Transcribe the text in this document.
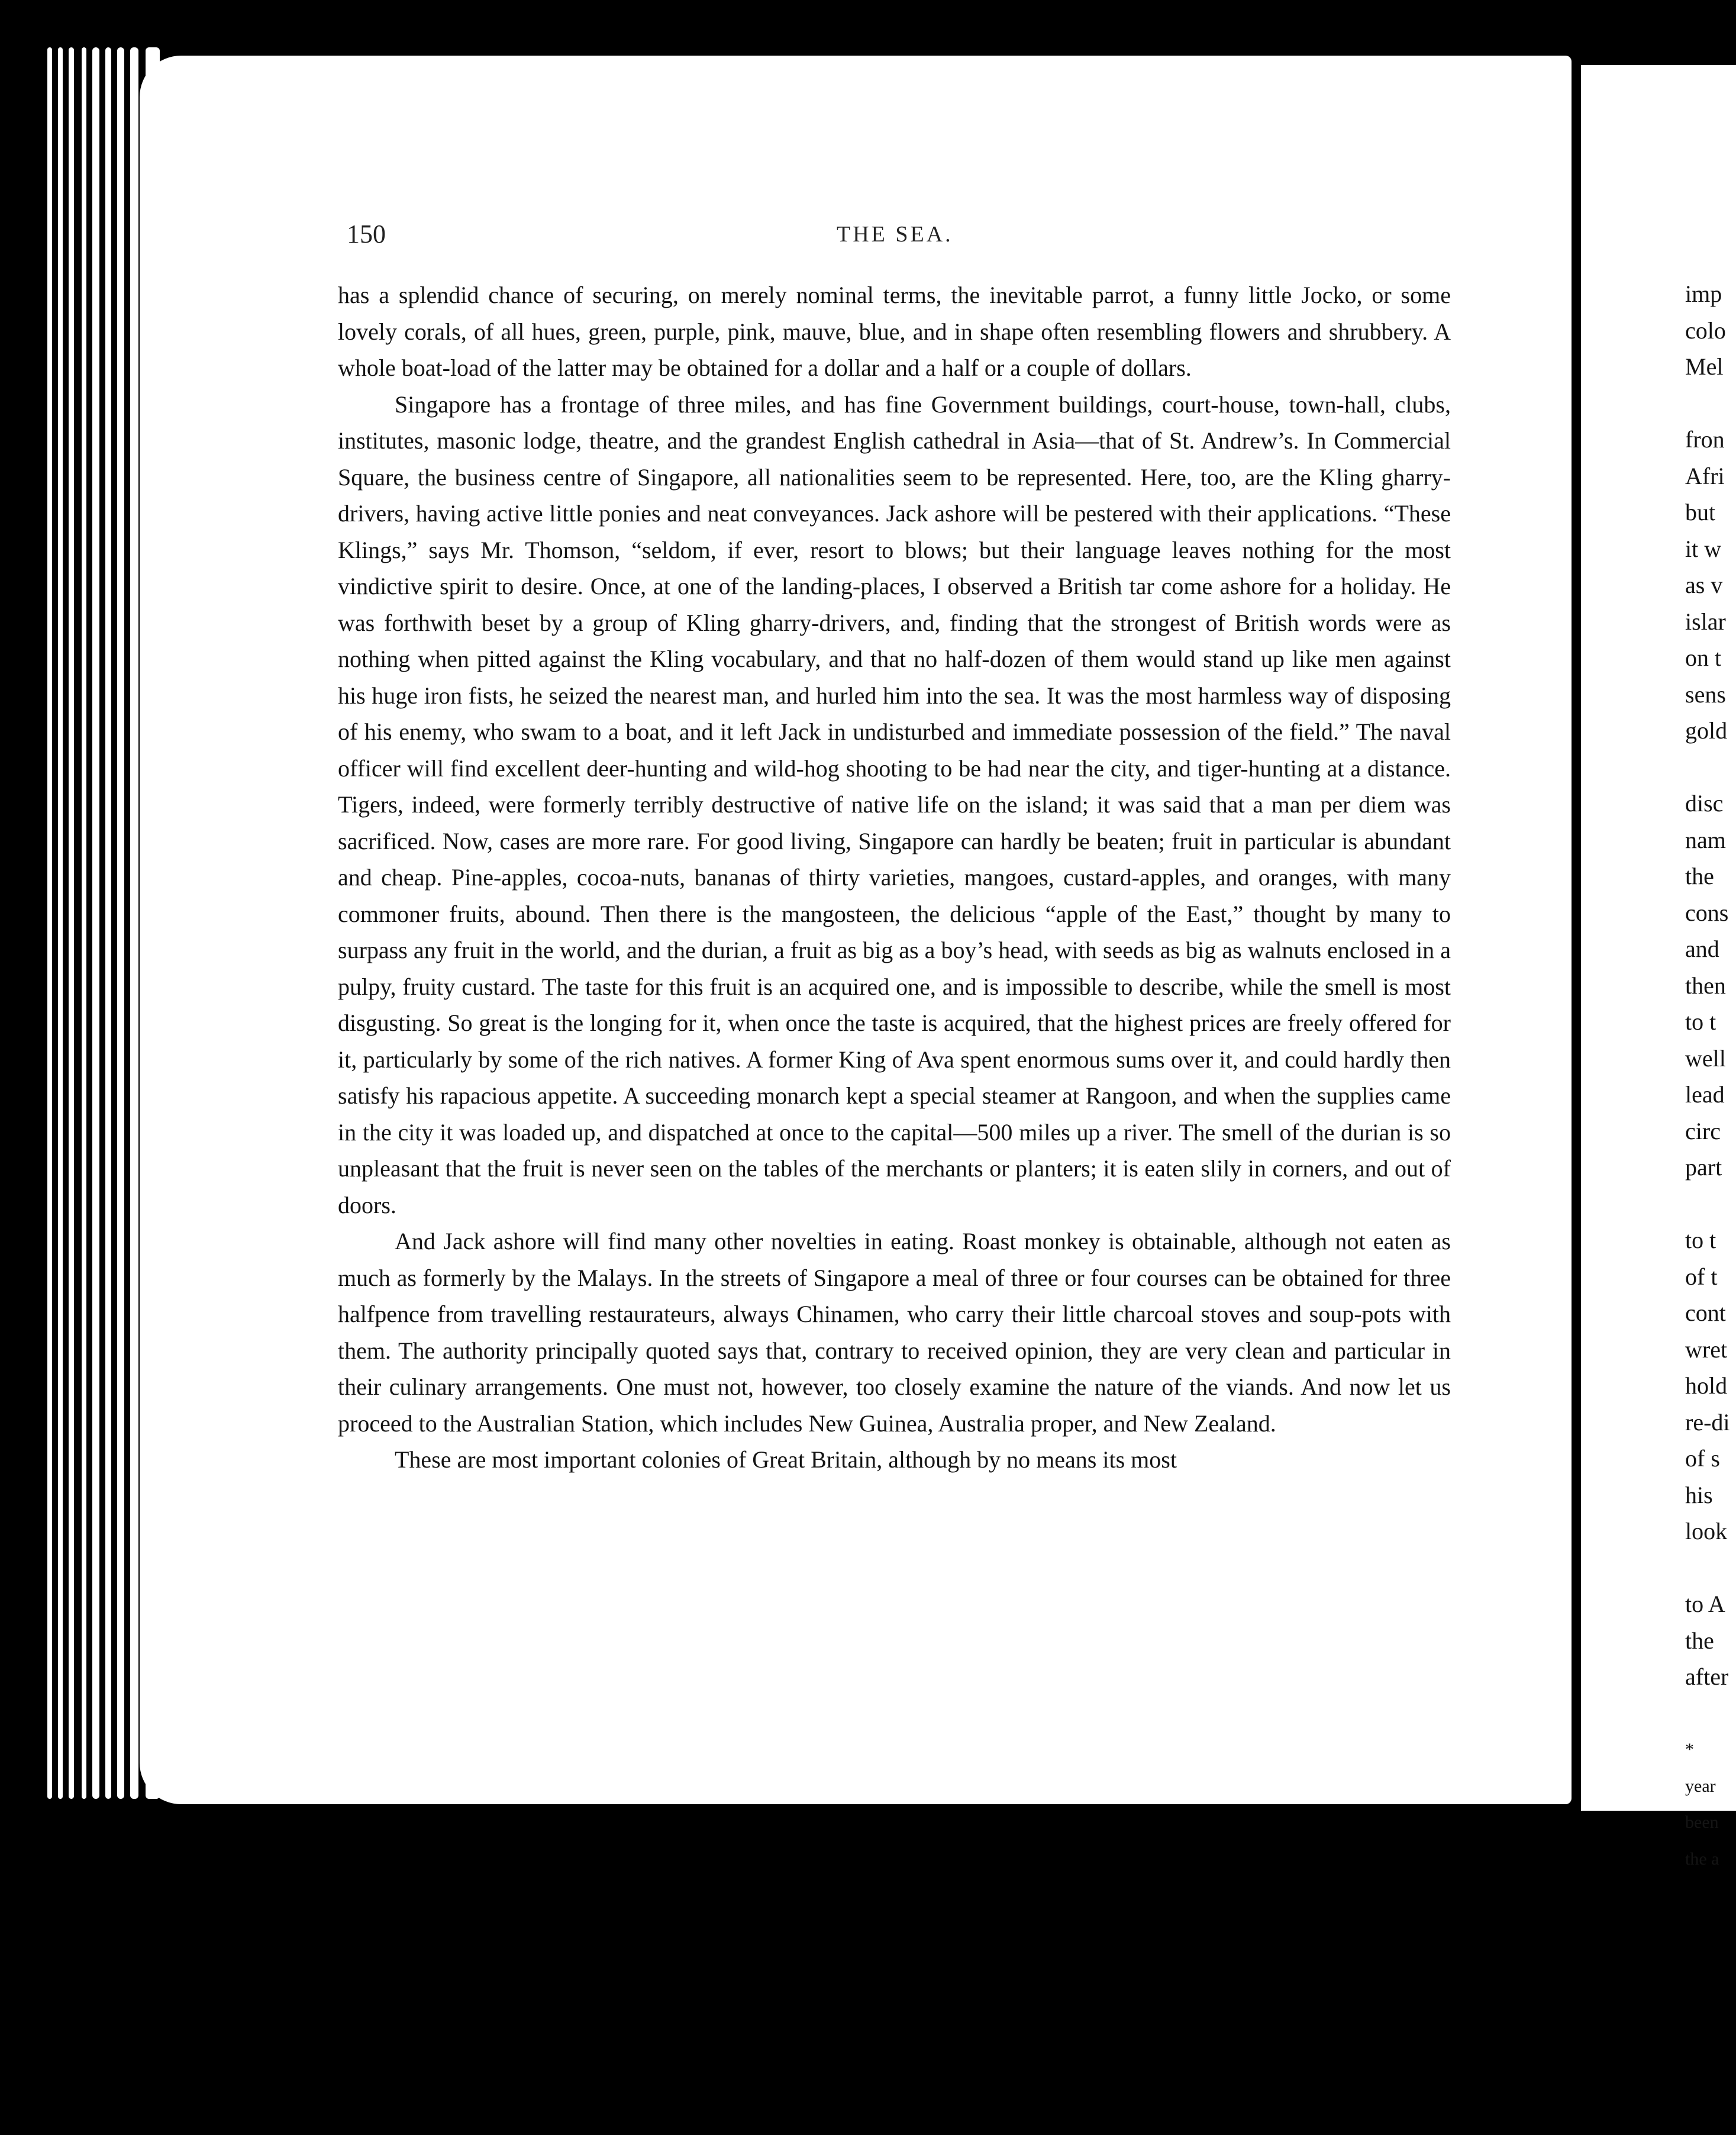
150	THE SEA.

has a splendid chance of securing, on merely nominal terms, the inevitable parrot, a funny little Jocko, or some lovely corals, of all hues, green, purple, pink, mauve, blue, and in shape often resembling flowers and shrubbery. A whole boat-load of the latter may be obtained for a dollar and a half or a couple of dollars.

Singapore has a frontage of three miles, and has fine Government buildings, court-house, town-hall, clubs, institutes, masonic lodge, theatre, and the grandest English cathedral in Asia—that of St. Andrew’s. In Commercial Square, the business centre of Singapore, all nationalities seem to be represented. Here, too, are the Kling gharry-drivers, having active little ponies and neat conveyances. Jack ashore will be pestered with their applications. “These Klings,” says Mr. Thomson, “seldom, if ever, resort to blows; but their language leaves nothing for the most vindictive spirit to desire. Once, at one of the landing-places, I observed a British tar come ashore for a holiday. He was forthwith beset by a group of Kling gharry-drivers, and, finding that the strongest of British words were as nothing when pitted against the Kling vocabulary, and that no half-dozen of them would stand up like men against his huge iron fists, he seized the nearest man, and hurled him into the sea. It was the most harmless way of disposing of his enemy, who swam to a boat, and it left Jack in undisturbed and immediate possession of the field.” The naval officer will find excellent deer-hunting and wild-hog shooting to be had near the city, and tiger-hunting at a distance. Tigers, indeed, were formerly terribly destructive of native life on the island; it was said that a man per diem was sacrificed. Now, cases are more rare. For good living, Singapore can hardly be beaten; fruit in particular is abundant and cheap. Pine-apples, cocoa-nuts, bananas of thirty varieties, mangoes, custard-apples, and oranges, with many commoner fruits, abound. Then there is the mangosteen, the delicious “apple of the East,” thought by many to surpass any fruit in the world, and the durian, a fruit as big as a boy’s head, with seeds as big as walnuts enclosed in a pulpy, fruity custard. The taste for this fruit is an acquired one, and is impossible to describe, while the smell is most disgusting. So great is the longing for it, when once the taste is acquired, that the highest prices are freely offered for it, particularly by some of the rich natives. A former King of Ava spent enormous sums over it, and could hardly then satisfy his rapacious appetite. A succeeding monarch kept a special steamer at Rangoon, and when the supplies came in the city it was loaded up, and dispatched at once to the capital—500 miles up a river. The smell of the durian is so unpleasant that the fruit is never seen on the tables of the merchants or planters; it is eaten slily in corners, and out of doors.

And Jack ashore will find many other novelties in eating. Roast monkey is obtainable, although not eaten as much as formerly by the Malays. In the streets of Singapore a meal of three or four courses can be obtained for three halfpence from travelling restaurateurs, always Chinamen, who carry their little charcoal stoves and soup-pots with them. The authority principally quoted says that, contrary to received opinion, they are very clean and particular in their culinary arrangements. One must not, however, too closely examine the nature of the viands. And now let us proceed to the Australian Station, which includes New Guinea, Australia proper, and New Zealand.

These are most important colonies of Great Britain, although by no means its most

imp
colo
Mel
fron
Afri
but
it w
as v
islar
on t
sens
gold
disc
nam
the
cons
and
then
to t
well
lead
circ
part
to t
of t
cont
wret
hold
re-di
of s
his
look
to A
the
after
*
year
been
the a
